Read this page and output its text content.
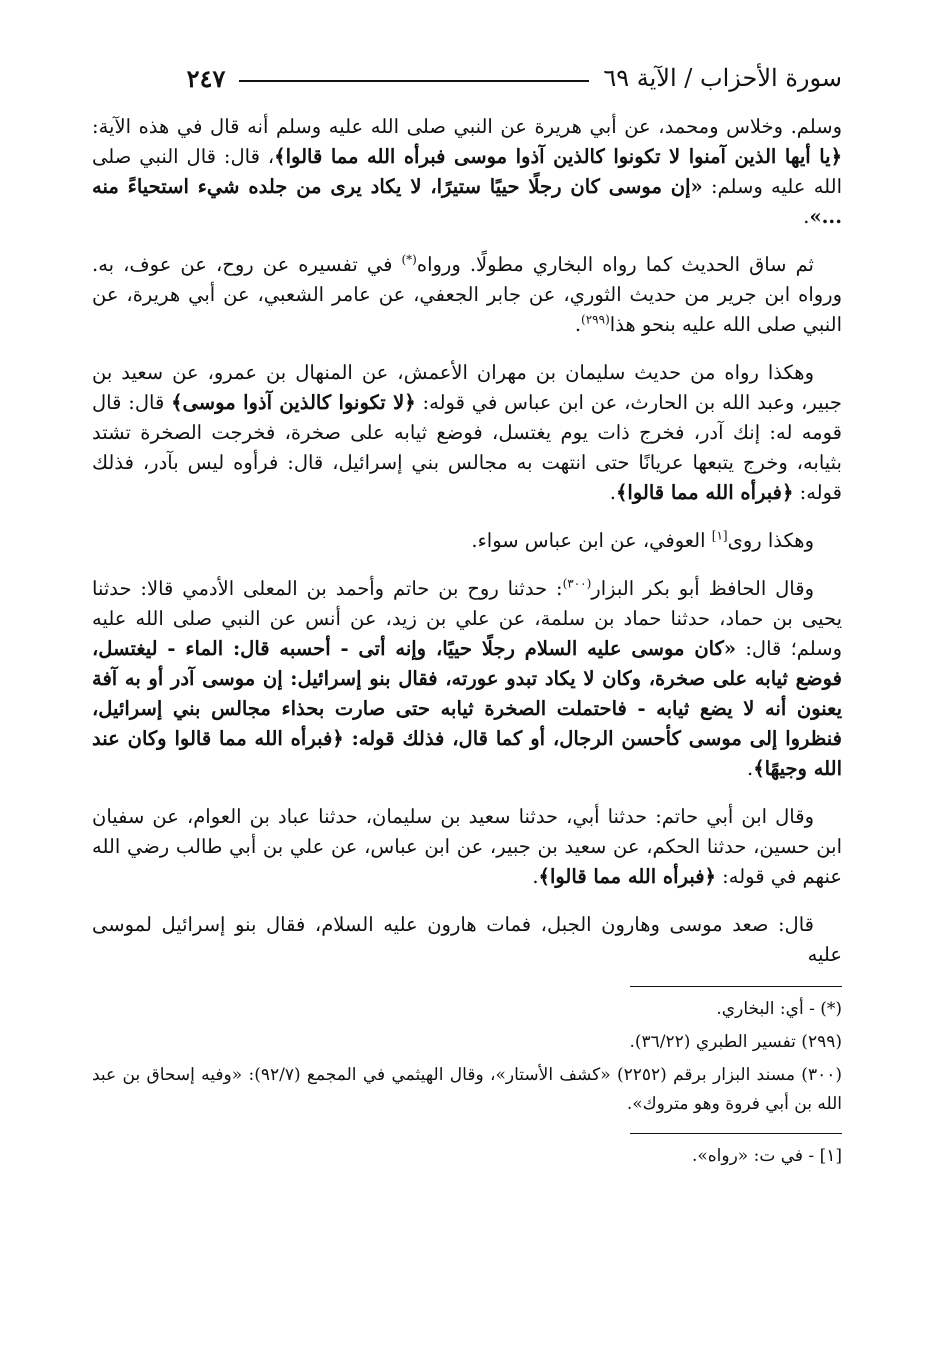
سورة الأحزاب / الآية ٦٩
٢٤٧

وسلم. وخلاس ومحمد، عن أبي هريرة عن النبي صلى الله عليه وسلم أنه قال في هذه الآية: ﴿يا أيها الذين آمنوا لا تكونوا كالذين آذوا موسى فبرأه الله مما قالوا﴾، قال: قال النبي صلى الله عليه وسلم: «إن موسى كان رجلًا حييًا ستيرًا، لا يكاد يرى من جلده شيء استحياءً منه ...».

ثم ساق الحديث كما رواه البخاري مطولًا. ورواه(*) في تفسيره عن روح، عن عوف، به. ورواه ابن جرير من حديث الثوري، عن جابر الجعفي، عن عامر الشعبي، عن أبي هريرة، عن النبي صلى الله عليه بنحو هذا$^{(٢٩٩)}$.

وهكذا رواه من حديث سليمان بن مهران الأعمش، عن المنهال بن عمرو، عن سعيد بن جبير، وعبد الله بن الحارث، عن ابن عباس في قوله: ﴿لا تكونوا كالذين آذوا موسى﴾ قال: قال قومه له: إنك آدر، فخرج ذات يوم يغتسل، فوضع ثيابه على صخرة، فخرجت الصخرة تشتد بثيابه، وخرج يتبعها عريانًا حتى انتهت به مجالس بني إسرائيل، قال: فرأوه ليس بآدر، فذلك قوله: ﴿فبرأه الله مما قالوا﴾.

وهكذا روى[١] العوفي، عن ابن عباس سواء.

وقال الحافظ أبو بكر البزار$^{(٣٠٠)}$: حدثنا روح بن حاتم وأحمد بن المعلى الأدمي قالا: حدثنا يحيى بن حماد، حدثنا حماد بن سلمة، عن علي بن زيد، عن أنس عن النبي صلى الله عليه وسلم؛ قال: «كان موسى عليه السلام رجلًا حييًا، وإنه أتى - أحسبه قال: الماء - ليغتسل، فوضع ثيابه على صخرة، وكان لا يكاد تبدو عورته، فقال بنو إسرائيل: إن موسى آدر أو به آفة يعنون أنه لا يضع ثيابه - فاحتملت الصخرة ثيابه حتى صارت بحذاء مجالس بني إسرائيل، فنظروا إلى موسى كأحسن الرجال، أو كما قال، فذلك قوله: ﴿فبرأه الله مما قالوا وكان عند الله وجيهًا﴾.

وقال ابن أبي حاتم: حدثنا أبي، حدثنا سعيد بن سليمان، حدثنا عباد بن العوام، عن سفيان ابن حسين، حدثنا الحكم، عن سعيد بن جبير، عن ابن عباس، عن علي بن أبي طالب رضي الله عنهم في قوله: ﴿فبرأه الله مما قالوا﴾.

قال: صعد موسى وهارون الجبل، فمات هارون عليه السلام، فقال بنو إسرائيل لموسى عليه

(*) - أي: البخاري.

(٢٩٩) تفسير الطبري (٣٦/٢٢).

(٣٠٠) مسند البزار برقم (٢٢٥٢) «كشف الأستار»، وقال الهيثمي في المجمع (٩٢/٧): «وفيه إسحاق بن عبد الله بن أبي فروة وهو متروك».

[١] - في ت: «رواه».
